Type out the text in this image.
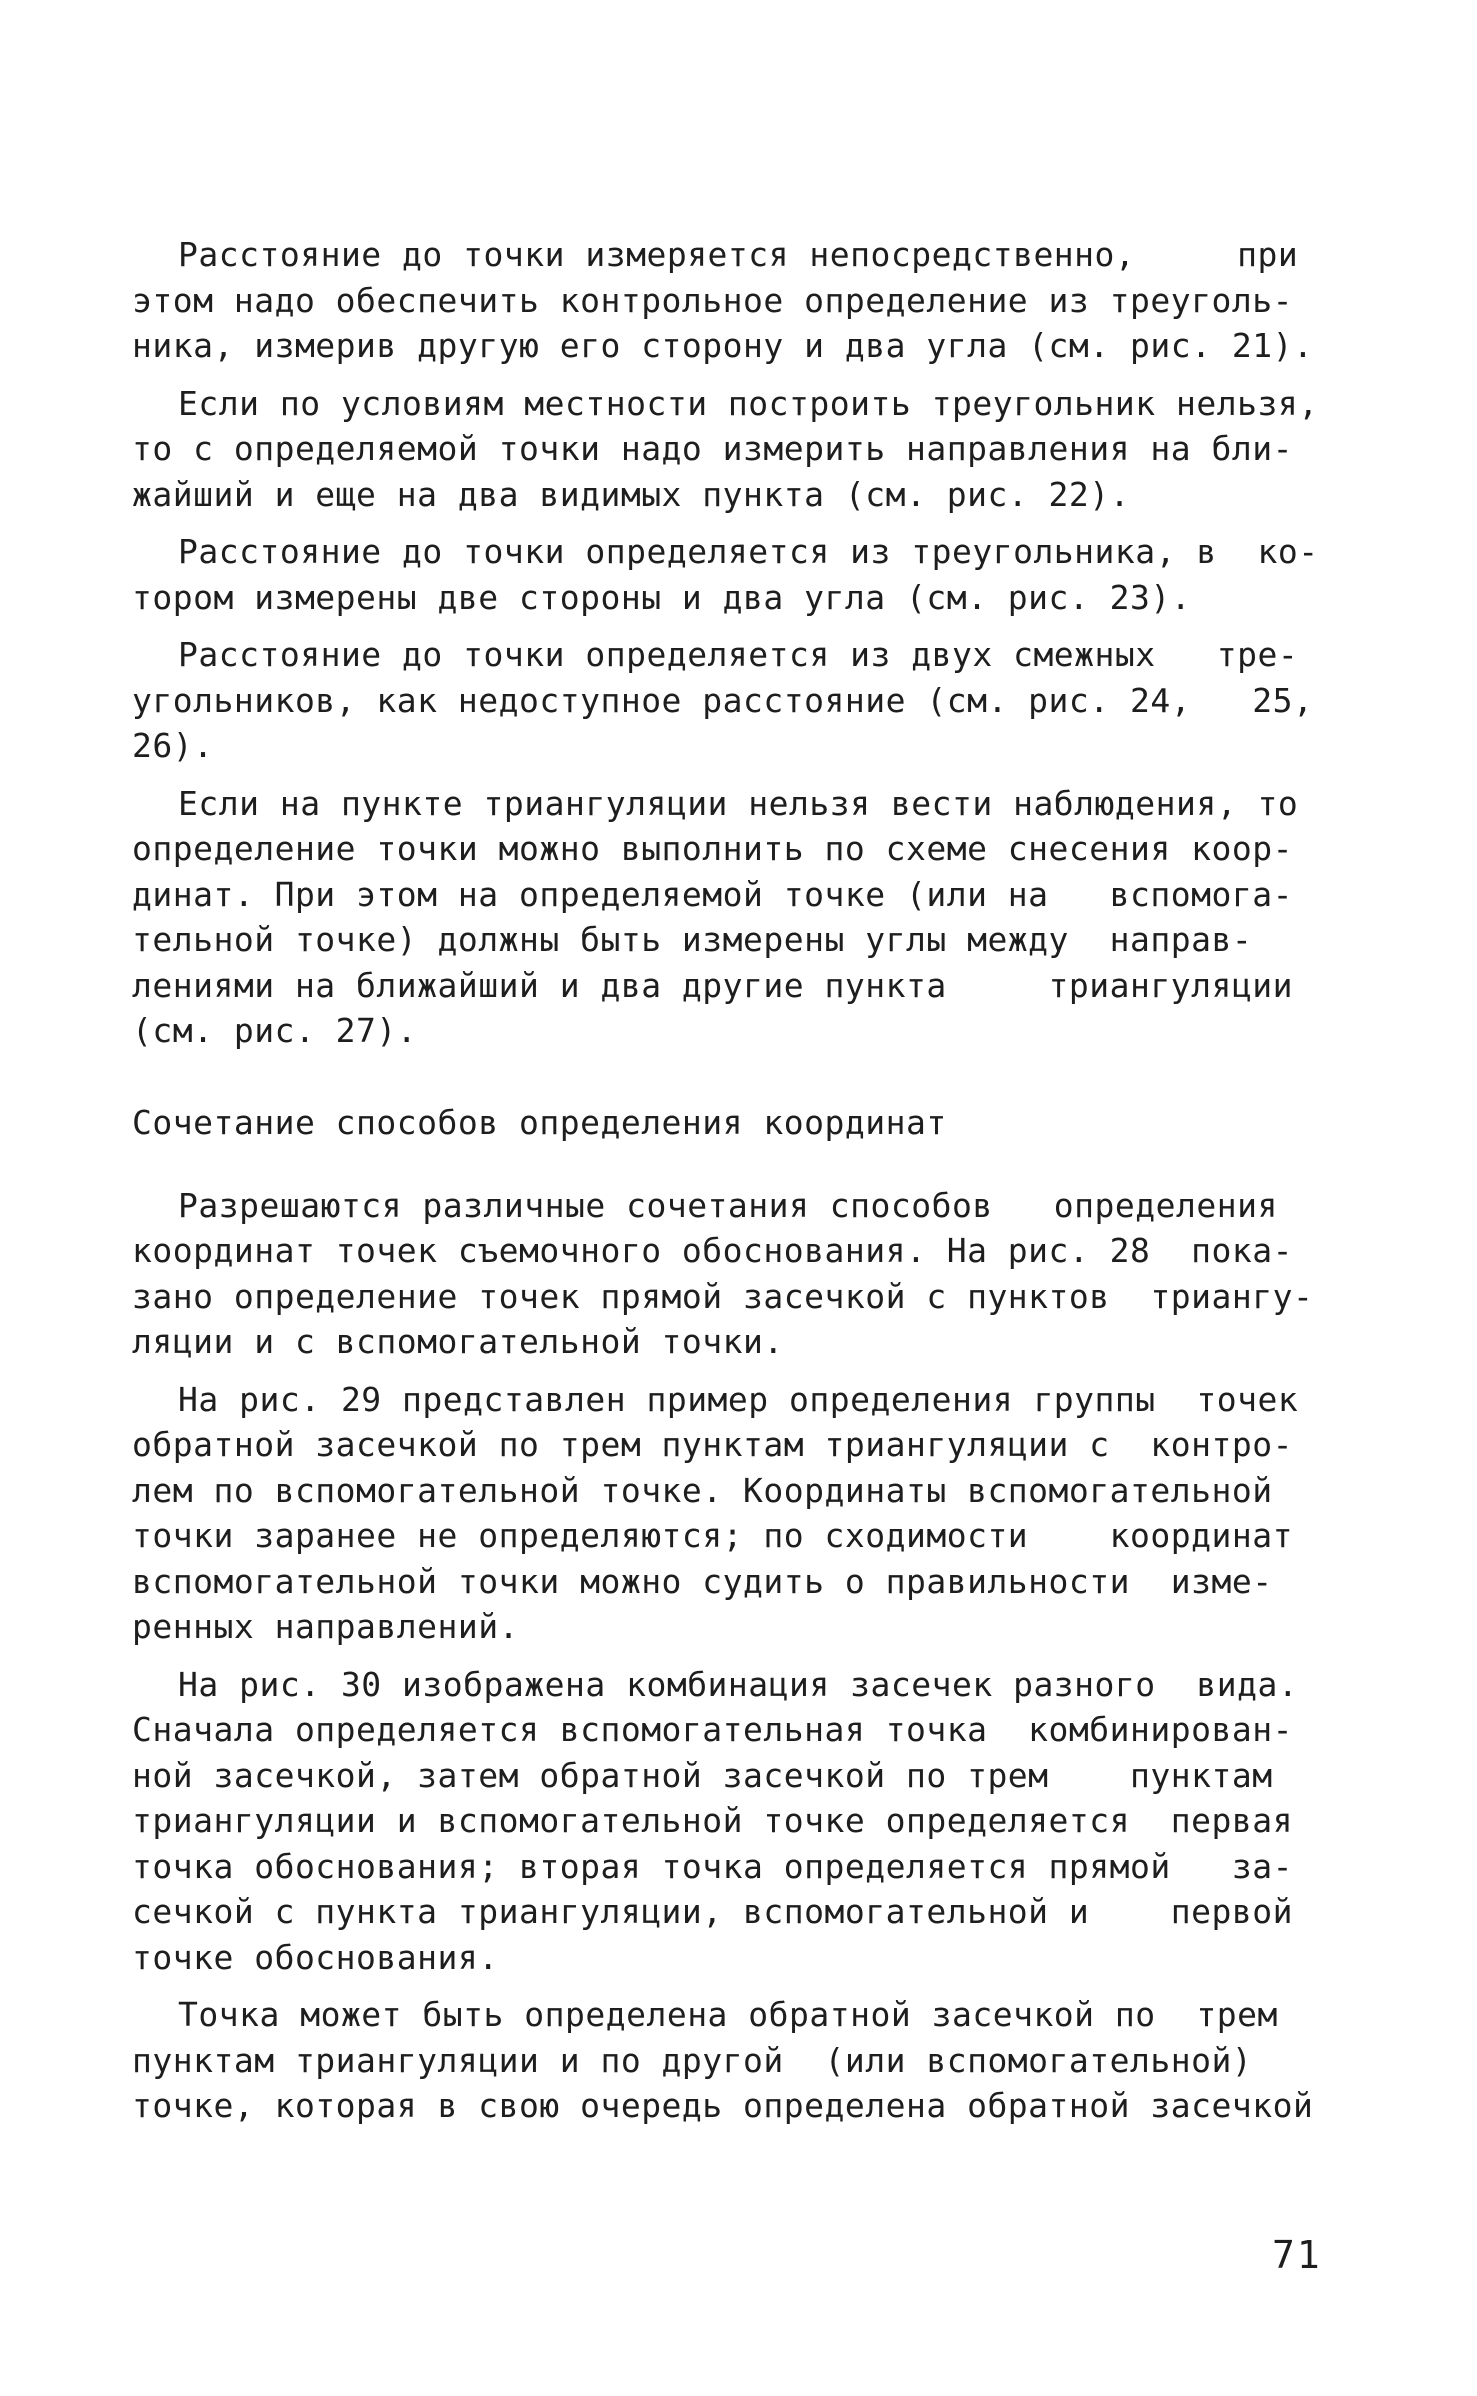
Расстояние до точки измеряется непосредственно,     при
этом надо обеспечить контрольное определение из треуголь-
ника, измерив другую его сторону и два угла (см. рис. 21).
Если по условиям местности построить треугольник нельзя,
то с определяемой точки надо измерить направления на бли-
жайший и еще на два видимых пункта (см. рис. 22).
Расстояние до точки определяется из треугольника, в  ко-
тором измерены две стороны и два угла (см. рис. 23).
Расстояние до точки определяется из двух смежных   тре-
угольников, как недоступное расстояние (см. рис. 24,   25,
26).
Если на пункте триангуляции нельзя вести наблюдения, то
определение точки можно выполнить по схеме снесения коор-
динат. При этом на определяемой точке (или на   вспомога-
тельной точке) должны быть измерены углы между  направ-
лениями на ближайший и два другие пункта     триангуляции
(см. рис. 27).
Сочетание способов определения координат
Разрешаются различные сочетания способов   определения
координат точек съемочного обоснования. На рис. 28  пока-
зано определение точек прямой засечкой с пунктов  триангу-
ляции и с вспомогательной точки.
На рис. 29 представлен пример определения группы  точек
обратной засечкой по трем пунктам триангуляции с  контро-
лем по вспомогательной точке. Координаты вспомогательной
точки заранее не определяются; по сходимости    координат
вспомогательной точки можно судить о правильности  изме-
ренных направлений.
На рис. 30 изображена комбинация засечек разного  вида.
Сначала определяется вспомогательная точка  комбинирован-
ной засечкой, затем обратной засечкой по трем    пунктам
триангуляции и вспомогательной точке определяется  первая
точка обоснования; вторая точка определяется прямой   за-
сечкой с пункта триангуляции, вспомогательной и    первой
точке обоснования.
Точка может быть определена обратной засечкой по  трем
пунктам триангуляции и по другой  (или вспомогательной)
точке, которая в свою очередь определена обратной засечкой
71
